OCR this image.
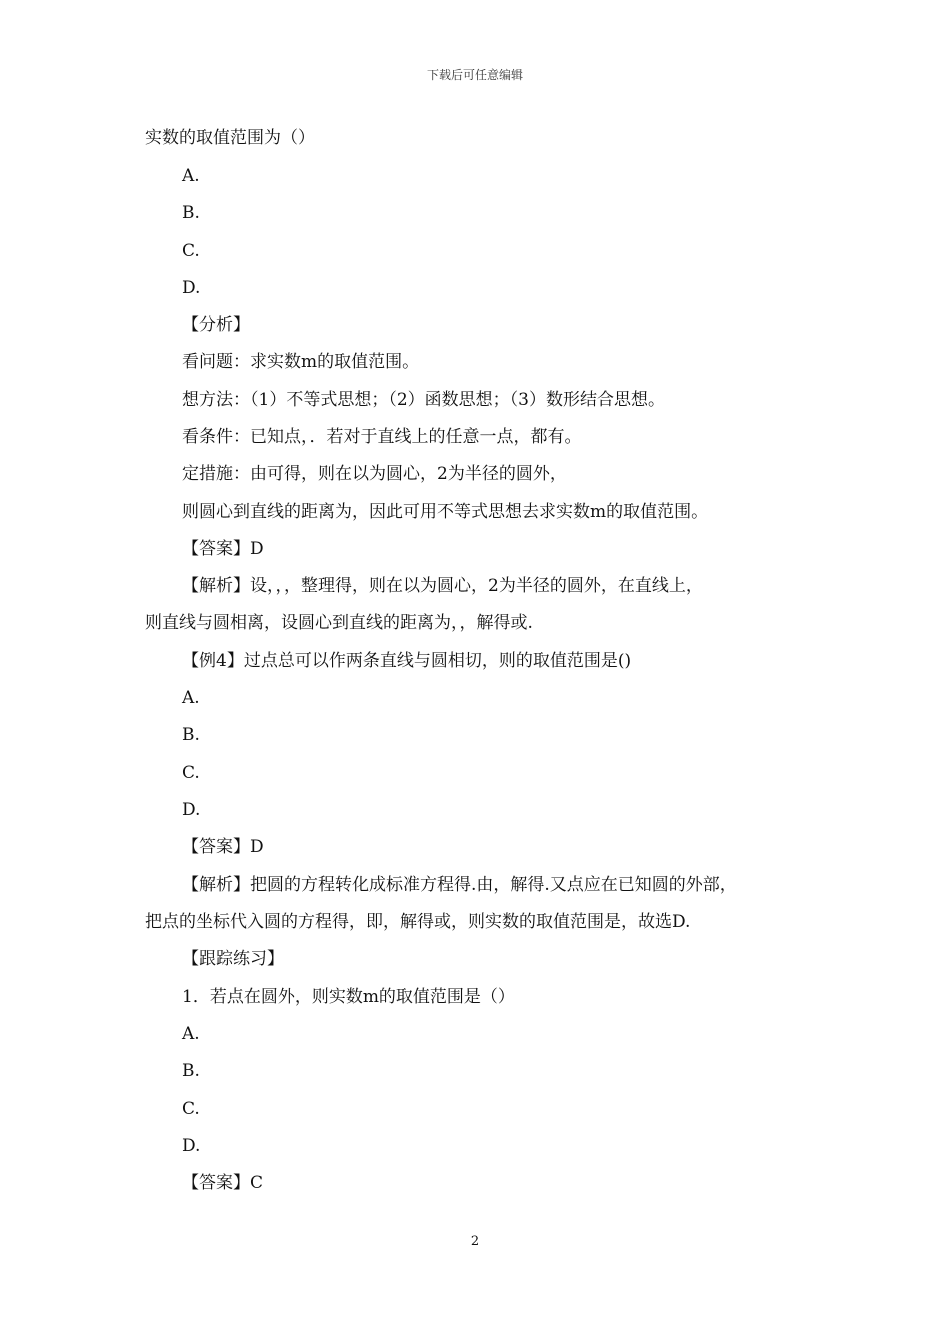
下载后可任意编辑
实数的取值范围为（）
A.
B.
C.
D.
【分析】
看问题：求实数m的取值范围。
想方法：（1）不等式思想；（2）函数思想；（3）数形结合思想。
看条件：已知点，．若对于直线上的任意一点，都有。
定措施：由可得，则在以为圆心，2为半径的圆外，
则圆心到直线的距离为，因此可用不等式思想去求实数m的取值范围。
【答案】D
【解析】设，，，整理得，则在以为圆心，2为半径的圆外，在直线上，
则直线与圆相离，设圆心到直线的距离为，，解得或.
【例4】过点总可以作两条直线与圆相切，则的取值范围是()
A.
B.
C.
D.
【答案】D
【解析】把圆的方程转化成标准方程得.由，解得.又点应在已知圆的外部，
把点的坐标代入圆的方程得，即，解得或，则实数的取值范围是，故选D.
【跟踪练习】
1．若点在圆外，则实数m的取值范围是（）
A.
B.
C.
D.
【答案】C
2
